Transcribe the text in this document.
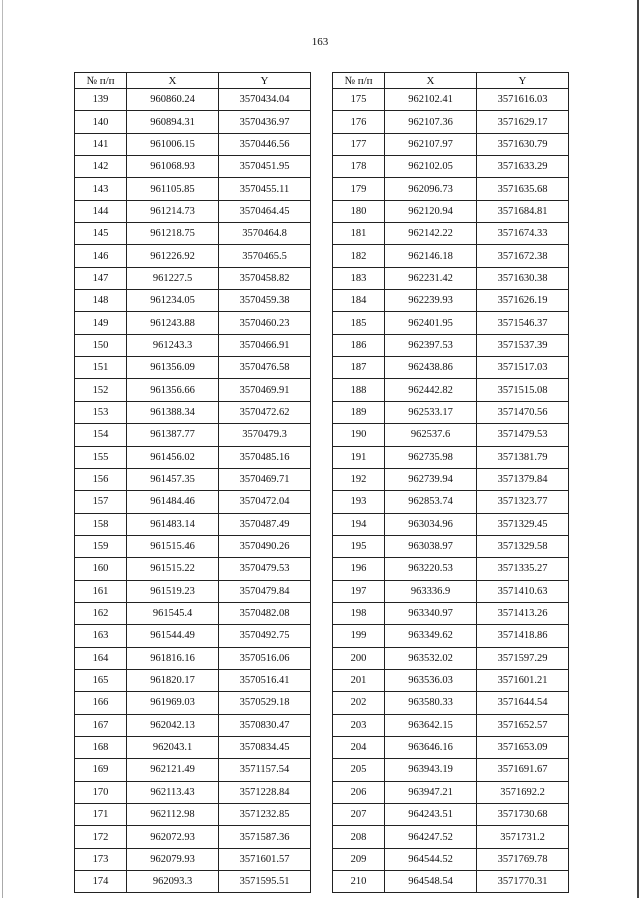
163
№ п/п	X	Y
139	960860.24	3570434.04
140	960894.31	3570436.97
141	961006.15	3570446.56
142	961068.93	3570451.95
143	961105.85	3570455.11
144	961214.73	3570464.45
145	961218.75	3570464.8
146	961226.92	3570465.5
147	961227.5	3570458.82
148	961234.05	3570459.38
149	961243.88	3570460.23
150	961243.3	3570466.91
151	961356.09	3570476.58
152	961356.66	3570469.91
153	961388.34	3570472.62
154	961387.77	3570479.3
155	961456.02	3570485.16
156	961457.35	3570469.71
157	961484.46	3570472.04
158	961483.14	3570487.49
159	961515.46	3570490.26
160	961515.22	3570479.53
161	961519.23	3570479.84
162	961545.4	3570482.08
163	961544.49	3570492.75
164	961816.16	3570516.06
165	961820.17	3570516.41
166	961969.03	3570529.18
167	962042.13	3570830.47
168	962043.1	3570834.45
169	962121.49	3571157.54
170	962113.43	3571228.84
171	962112.98	3571232.85
172	962072.93	3571587.36
173	962079.93	3571601.57
174	962093.3	3571595.51
№ п/п	X	Y
175	962102.41	3571616.03
176	962107.36	3571629.17
177	962107.97	3571630.79
178	962102.05	3571633.29
179	962096.73	3571635.68
180	962120.94	3571684.81
181	962142.22	3571674.33
182	962146.18	3571672.38
183	962231.42	3571630.38
184	962239.93	3571626.19
185	962401.95	3571546.37
186	962397.53	3571537.39
187	962438.86	3571517.03
188	962442.82	3571515.08
189	962533.17	3571470.56
190	962537.6	3571479.53
191	962735.98	3571381.79
192	962739.94	3571379.84
193	962853.74	3571323.77
194	963034.96	3571329.45
195	963038.97	3571329.58
196	963220.53	3571335.27
197	963336.9	3571410.63
198	963340.97	3571413.26
199	963349.62	3571418.86
200	963532.02	3571597.29
201	963536.03	3571601.21
202	963580.33	3571644.54
203	963642.15	3571652.57
204	963646.16	3571653.09
205	963943.19	3571691.67
206	963947.21	3571692.2
207	964243.51	3571730.68
208	964247.52	3571731.2
209	964544.52	3571769.78
210	964548.54	3571770.31
